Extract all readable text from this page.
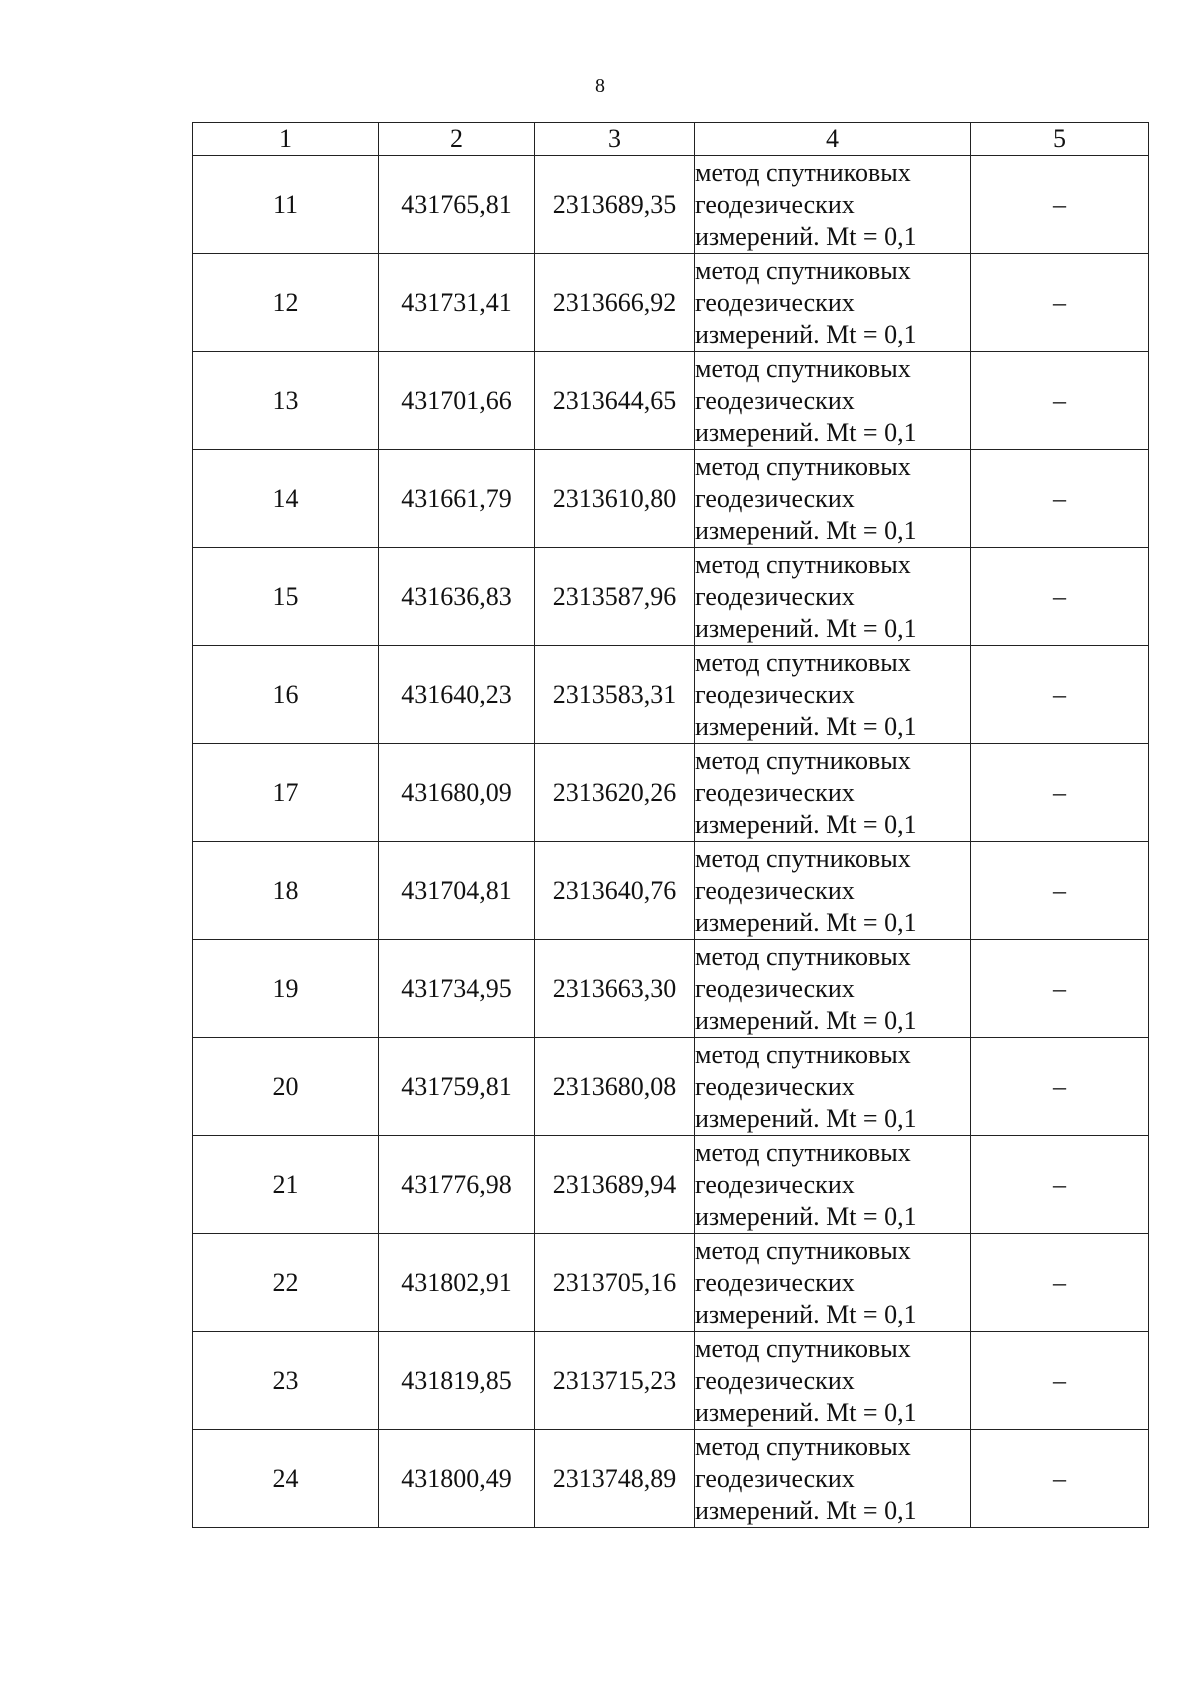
8
1	2	3	4	5
11	431765,81	2313689,35	метод спутниковых
геодезических
измерений. Mt = 0,1	–
12	431731,41	2313666,92	метод спутниковых
геодезических
измерений. Mt = 0,1	–
13	431701,66	2313644,65	метод спутниковых
геодезических
измерений. Mt = 0,1	–
14	431661,79	2313610,80	метод спутниковых
геодезических
измерений. Mt = 0,1	–
15	431636,83	2313587,96	метод спутниковых
геодезических
измерений. Mt = 0,1	–
16	431640,23	2313583,31	метод спутниковых
геодезических
измерений. Mt = 0,1	–
17	431680,09	2313620,26	метод спутниковых
геодезических
измерений. Mt = 0,1	–
18	431704,81	2313640,76	метод спутниковых
геодезических
измерений. Mt = 0,1	–
19	431734,95	2313663,30	метод спутниковых
геодезических
измерений. Mt = 0,1	–
20	431759,81	2313680,08	метод спутниковых
геодезических
измерений. Mt = 0,1	–
21	431776,98	2313689,94	метод спутниковых
геодезических
измерений. Mt = 0,1	–
22	431802,91	2313705,16	метод спутниковых
геодезических
измерений. Mt = 0,1	–
23	431819,85	2313715,23	метод спутниковых
геодезических
измерений. Mt = 0,1	–
24	431800,49	2313748,89	метод спутниковых
геодезических
измерений. Mt = 0,1	–
